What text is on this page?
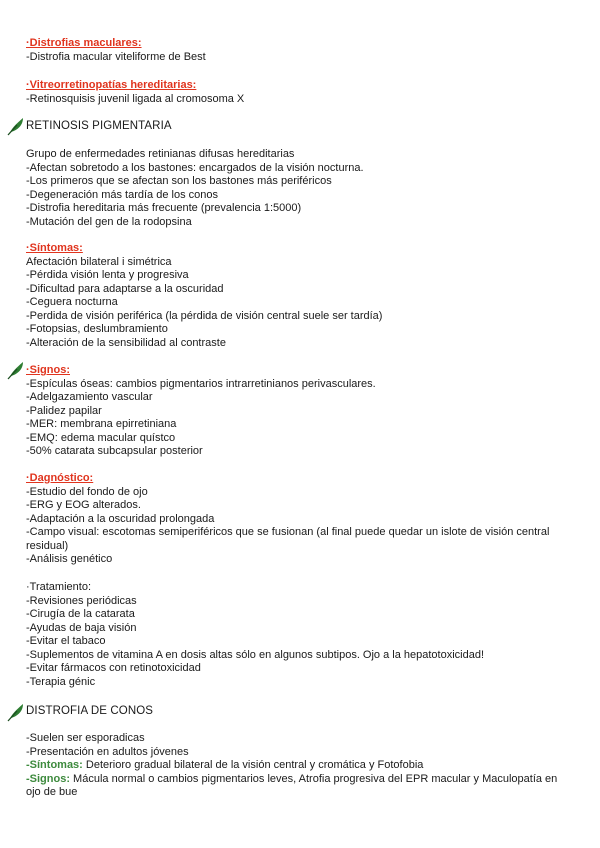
·Distrofias maculares:
-Distrofia macular viteliforme de Best
·Vitreorretinopatías hereditarias:
-Retinosquisis juvenil ligada al cromosoma X
RETINOSIS PIGMENTARIA
Grupo de enfermedades retinianas difusas hereditarias
-Afectan sobretodo a los bastones: encargados de la visión nocturna.
-Los primeros que se afectan son los bastones más periféricos
-Degeneración más tardía de los conos
-Distrofia hereditaria más frecuente (prevalencia 1:5000)
-Mutación del gen de la rodopsina
·Síntomas:
Afectación bilateral i simétrica
-Pérdida visión lenta y progresiva
-Dificultad para adaptarse a la oscuridad
-Ceguera nocturna
-Perdida de visión periférica (la pérdida de visión central suele ser tardía)
-Fotopsias, deslumbramiento
-Alteración de la sensibilidad al contraste
·Signos:
-Espículas óseas: cambios pigmentarios intrarretinianos perivasculares.
-Adelgazamiento vascular
-Palidez papilar
-MER: membrana epirretiniana
-EMQ: edema macular quístco
-50% catarata subcapsular posterior
·Dagnóstico:
-Estudio del fondo de ojo
-ERG y EOG alterados.
-Adaptación a la oscuridad prolongada
-Campo visual: escotomas semiperiféricos que se fusionan (al final puede quedar un islote de visión central residual)
-Análisis genético
·Tratamiento:
-Revisiones periódicas
-Cirugía de la catarata
-Ayudas de baja visión
-Evitar el tabaco
-Suplementos de vitamina A en dosis altas sólo en algunos subtipos. Ojo a la hepatotoxicidad!
-Evitar fármacos con retinotoxicidad
-Terapia génic
DISTROFIA DE CONOS
-Suelen ser esporadicas
-Presentación en adultos jóvenes
-Síntomas: Deterioro gradual bilateral de la visión central y cromática y Fotofobia
-Signos: Mácula normal o cambios pigmentarios leves, Atrofia progresiva del EPR macular y Maculopatía en ojo de bue
